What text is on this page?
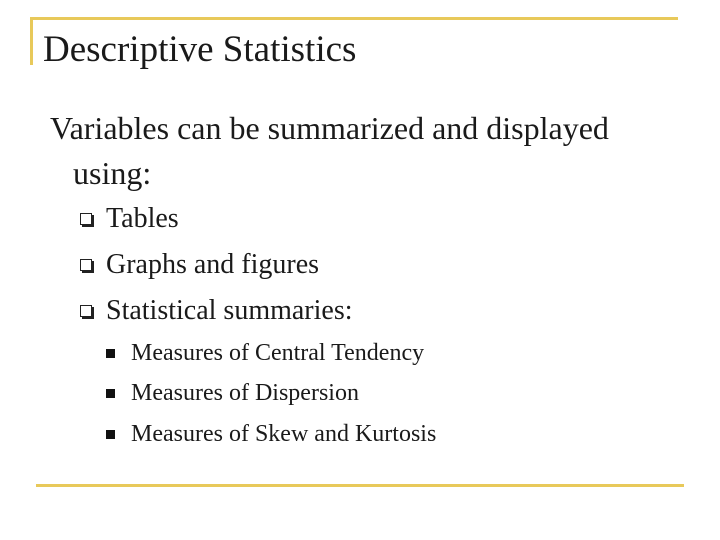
Descriptive Statistics
Variables can be summarized and displayed
using:
Tables
Graphs and figures
Statistical summaries:
Measures of Central Tendency
Measures of Dispersion
Measures of Skew and Kurtosis
